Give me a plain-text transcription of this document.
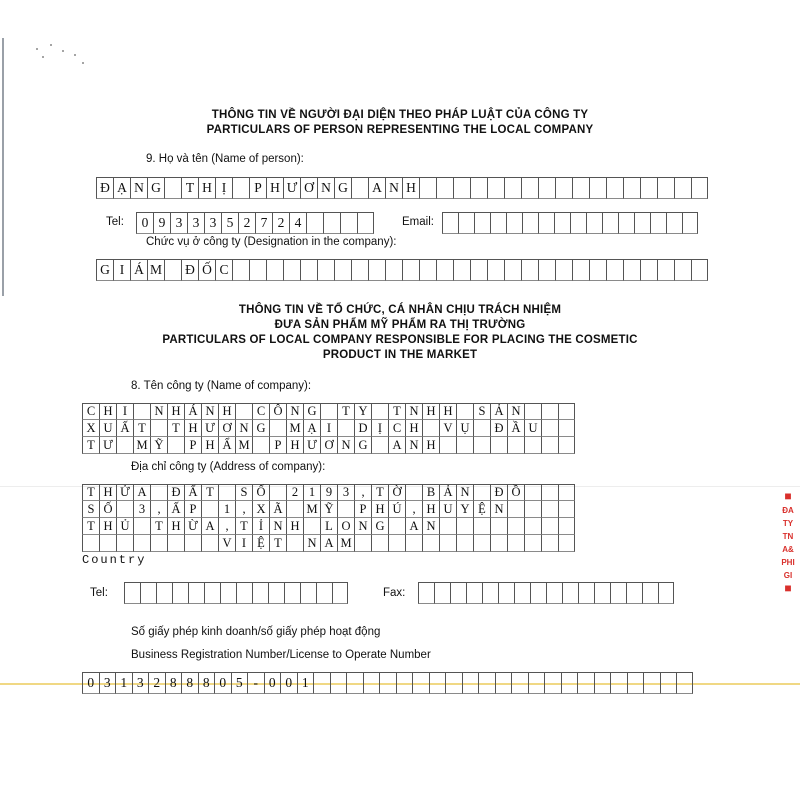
THÔNG TIN VỀ NGƯỜI ĐẠI DIỆN THEO PHÁP LUẬT CỦA CÔNG TY
PARTICULARS OF PERSON REPRESENTING THE LOCAL COMPANY
9. Họ và tên (Name of person):
Đ Ạ N G	T H Ị	P H Ư Ơ N G	A N H
Tel:	0 9 3 3 3 5 2 7 2 4	Email:
Chức vụ ở công ty (Designation in the company):
G I Á M	Đ Ố C
THÔNG TIN VỀ TỔ CHỨC, CÁ NHÂN CHỊU TRÁCH NHIỆM
ĐƯA SẢN PHẨM MỸ PHẨM RA THỊ TRƯỜNG
PARTICULARS OF LOCAL COMPANY RESPONSIBLE FOR PLACING THE COSMETIC
PRODUCT IN THE MARKET
8. Tên công ty (Name of company):
C H I	N H Á N H	C Ô N G	T Y	T N H H	S Ả N
X U Ấ T	T H Ư Ơ N G M Ạ I	D Ị C H	V Ụ	Đ Ầ U
T Ư M Ỹ	P H Ẩ M	P H Ư Ơ N G	A N H
Địa chỉ công ty (Address of company):
T H Ử A	Đ Ấ T	S Ố	2 1 9 3 , T Ờ	B Ả N	Đ Ồ
S Ố	3 , Ấ P	1 , X Ã M Ỹ	P H Ú , H U Y Ệ N
T H Ủ	T H Ừ A , T Ỉ N H	L O N G	A N
V I Ệ T	N A M
Country
Tel:	Fax:
Số giấy phép kinh doanh/số giấy phép hoạt động
Business Registration Number/License to Operate Number
0 3 1 3 2 8 8 8 0 5 - 0 0 1
■
ĐA
TY
TN
A&
PHI
GI
■
